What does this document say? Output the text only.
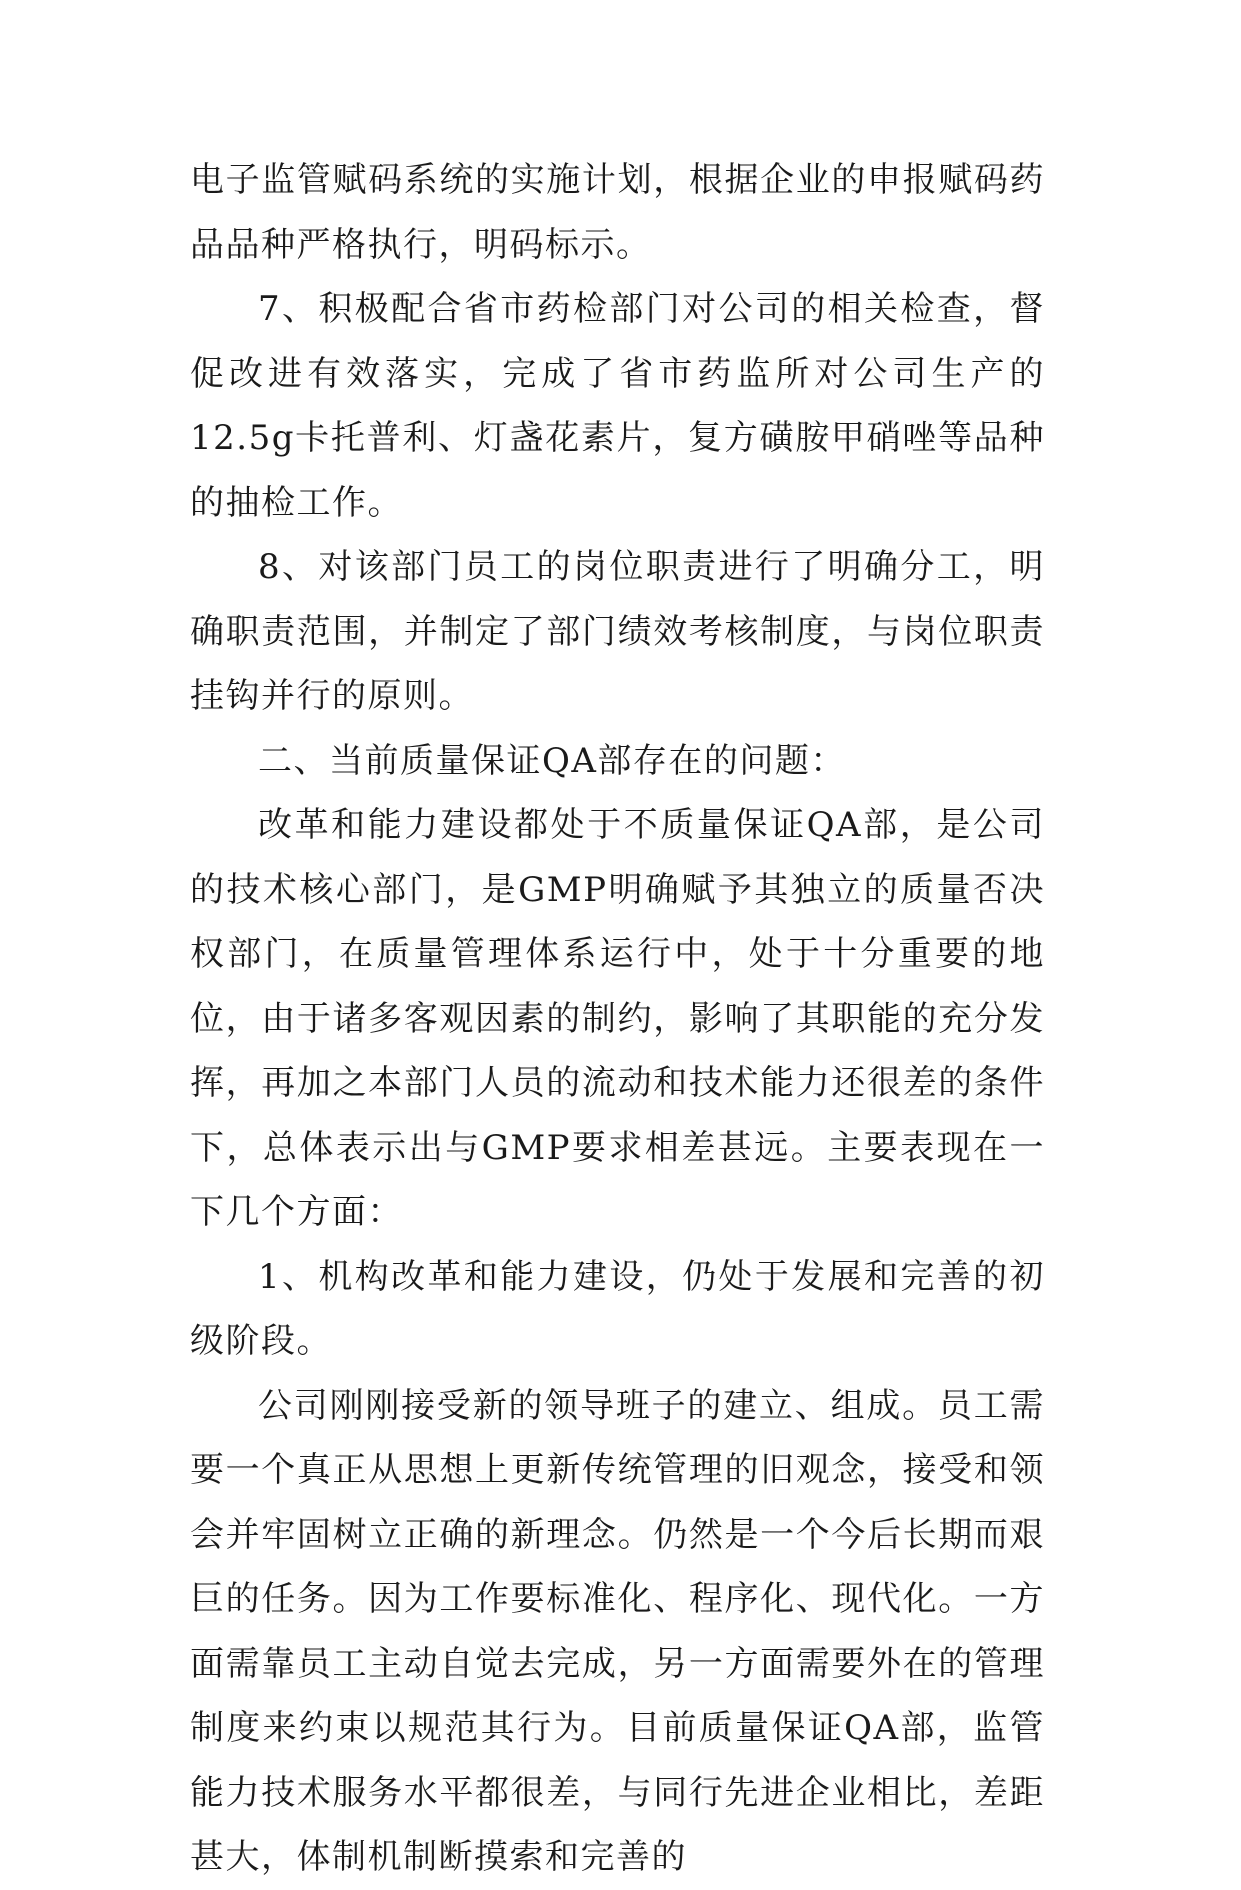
电子监管赋码系统的实施计划，根据企业的申报赋码药品品种严格执行，明码标示。

7、积极配合省市药检部门对公司的相关检查，督促改进有效落实，完成了省市药监所对公司生产的12.5g卡托普利、灯盏花素片，复方磺胺甲硝唑等品种的抽检工作。

8、对该部门员工的岗位职责进行了明确分工，明确职责范围，并制定了部门绩效考核制度，与岗位职责挂钩并行的原则。

二、当前质量保证QA部存在的问题：

改革和能力建设都处于不质量保证QA部，是公司的技术核心部门，是GMP明确赋予其独立的质量否决权部门，在质量管理体系运行中，处于十分重要的地位，由于诸多客观因素的制约，影响了其职能的充分发挥，再加之本部门人员的流动和技术能力还很差的条件下，总体表示出与GMP要求相差甚远。主要表现在一下几个方面：

1、机构改革和能力建设，仍处于发展和完善的初级阶段。

公司刚刚接受新的领导班子的建立、组成。员工需要一个真正从思想上更新传统管理的旧观念，接受和领会并牢固树立正确的新理念。仍然是一个今后长期而艰巨的任务。因为工作要标准化、程序化、现代化。一方面需靠员工主动自觉去完成，另一方面需要外在的管理制度来约束以规范其行为。目前质量保证QA部，监管能力技术服务水平都很差，与同行先进企业相比，差距甚大，体制机制断摸索和完善的
